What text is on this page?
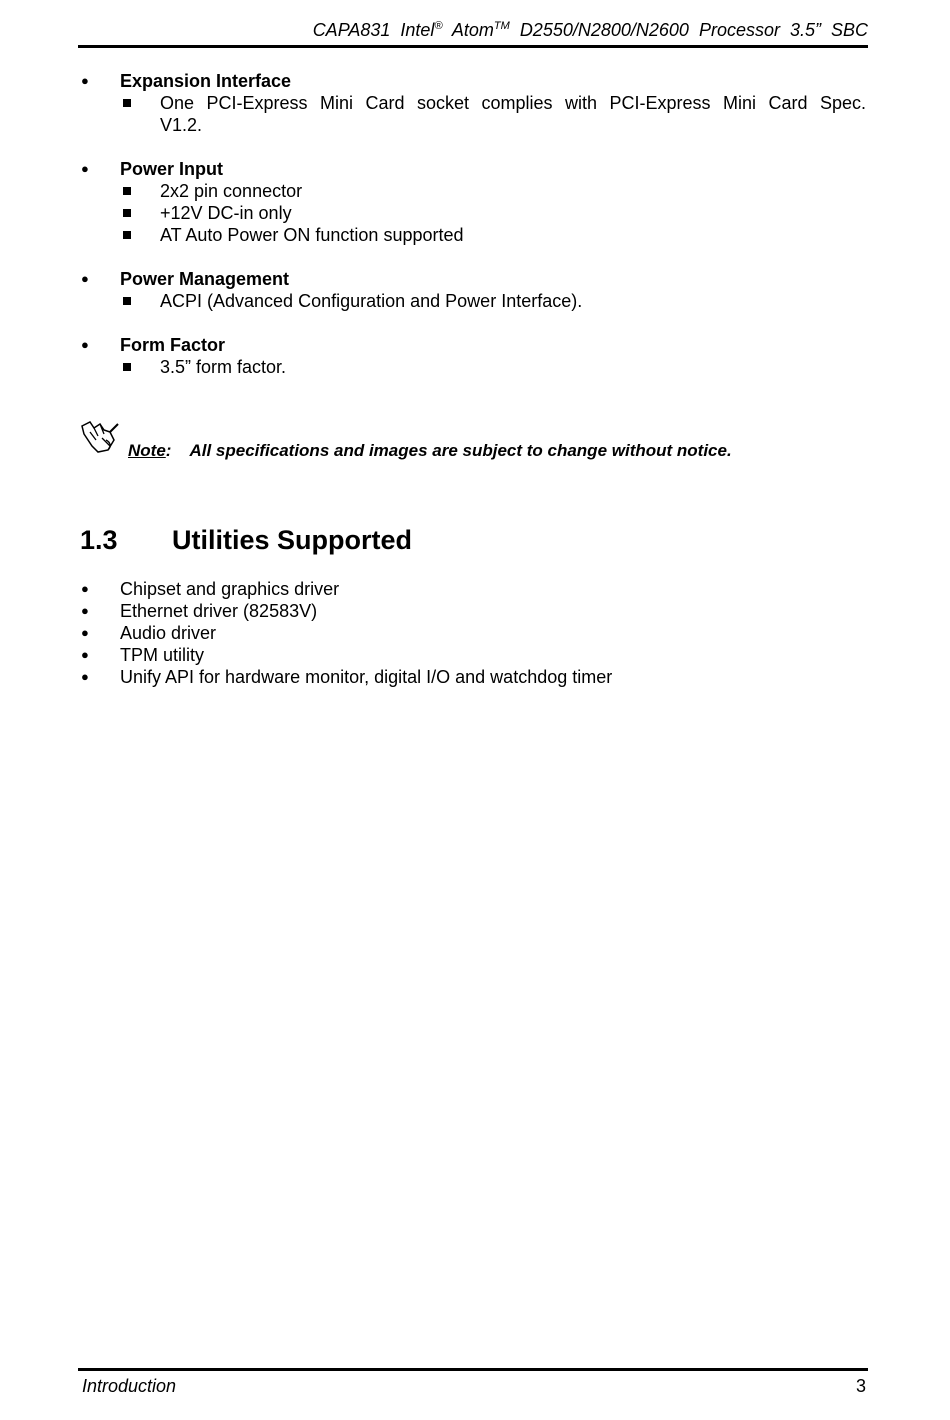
CAPA831 Intel® Atom™ D2550/N2800/N2600 Processor 3.5” SBC
● Expansion Interface
One PCI-Express Mini Card socket complies with PCI-Express Mini Card Spec.
V1.2.
● Power Input
2x2 pin connector
+12V DC-in only
AT Auto Power ON function supported
● Power Management
ACPI (Advanced Configuration and Power Interface).
● Form Factor
3.5” form factor.
Note: All specifications and images are subject to change without notice.
1.3 Utilities Supported
● Chipset and graphics driver
● Ethernet driver (82583V)
● Audio driver
● TPM utility
● Unify API for hardware monitor, digital I/O and watchdog timer
Introduction	3
